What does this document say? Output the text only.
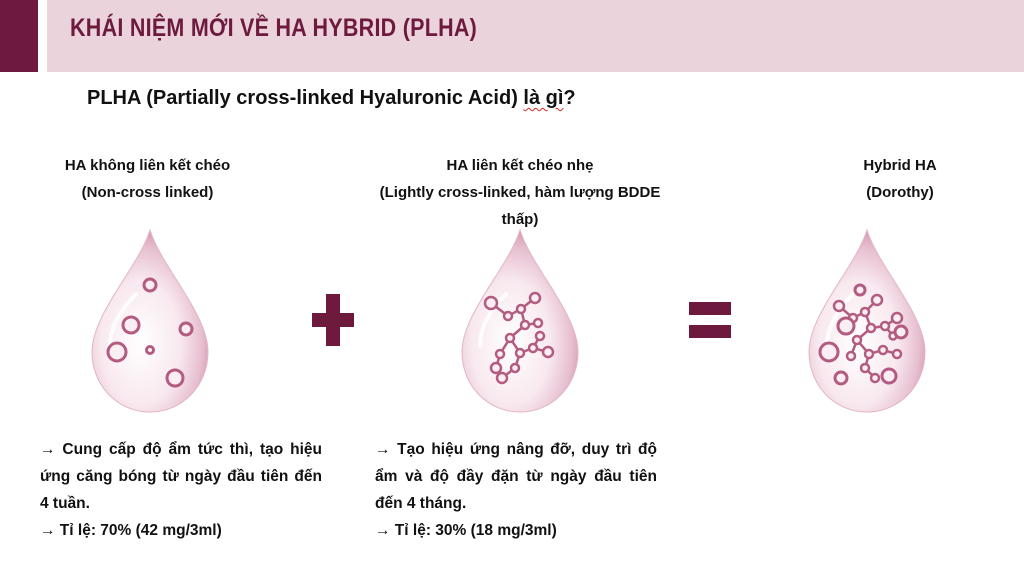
KHÁI NIỆM MỚI VỀ HA HYBRID (PLHA)
PLHA (Partially cross-linked Hyaluronic Acid) là gì?
HA không liên kết chéo
(Non-cross linked)
HA liên kết chéo nhẹ
(Lightly cross-linked, hàm lượng BDDE
thấp)
Hybrid HA
(Dorothy)

→ Cung cấp độ ẩm tức thì, tạo hiệu ứng căng bóng từ ngày đầu tiên đến 4 tuần.

→ Tỉ lệ: 70% (42 mg/3ml)

→ Tạo hiệu ứng nâng đỡ, duy trì độ ẩm và độ đầy đặn từ ngày đầu tiên đến 4 tháng.

→ Tỉ lệ: 30% (18 mg/3ml)
